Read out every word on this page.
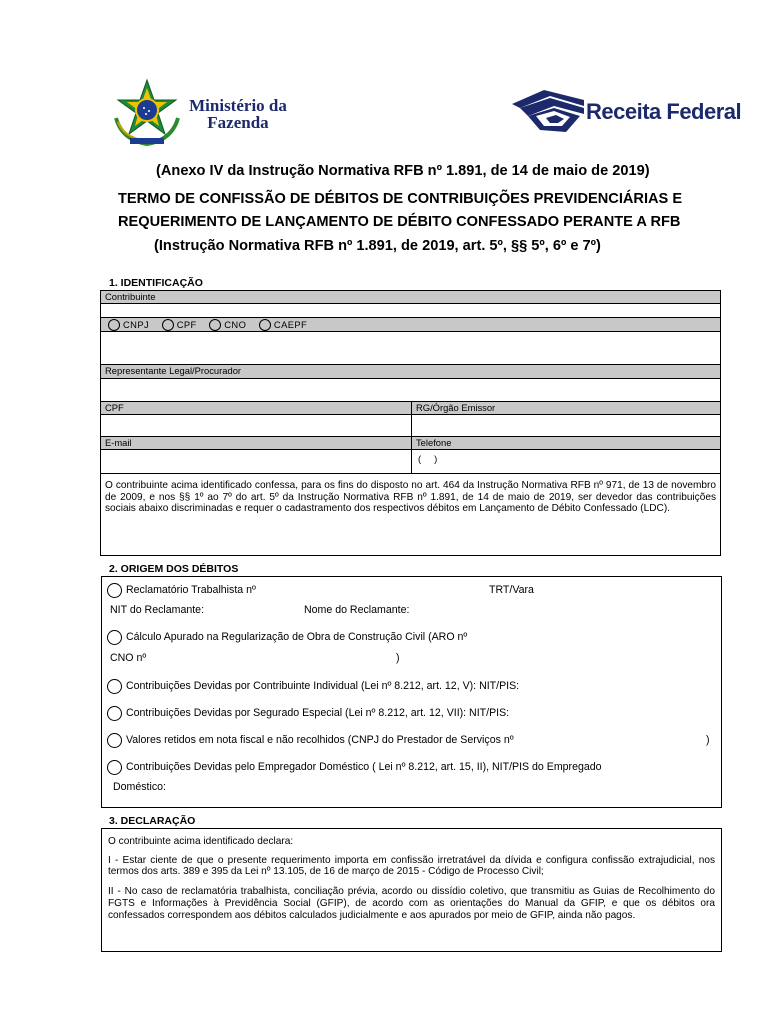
Ministério da
Fazenda	Receita Federal
(Anexo IV da Instrução Normativa RFB nº 1.891, de 14 de maio de 2019)
TERMO DE CONFISSÃO DE DÉBITOS DE CONTRIBUIÇÕES PREVIDENCIÁRIAS E
REQUERIMENTO DE LANÇAMENTO DE DÉBITO CONFESSADO PERANTE A RFB
(Instrução Normativa RFB nº 1.891, de 2019, art. 5º, §§ 5º, 6º e 7º)
1. IDENTIFICAÇÃO
Contribuinte
CNPJ	CPF	CNO	CAEPF
Representante Legal/Procurador
CPF	RG/Órgão Emissor
E-mail	Telefone
(     )
O contribuinte acima identificado confessa, para os fins do disposto no art. 464 da Instrução Normativa RFB nº 971, de 13 de novembro de 2009, e nos §§ 1º ao 7º do art. 5º da Instrução Normativa RFB nº 1.891, de 14 de maio de 2019, ser devedor das contribuições sociais abaixo discriminadas e requer o cadastramento dos respectivos débitos em Lançamento de Débito Confessado (LDC).
2. ORIGEM DOS DÉBITOS
Reclamatório Trabalhista nº	TRT/Vara
NIT do Reclamante:	Nome do Reclamante:
Cálculo Apurado na Regularização de Obra de Construção Civil (ARO nº
CNO nº	)
Contribuições Devidas por Contribuinte Individual (Lei nº 8.212, art. 12, V): NIT/PIS:
Contribuições Devidas por Segurado Especial (Lei nº 8.212, art. 12, VII): NIT/PIS:
Valores retidos em nota fiscal e não recolhidos (CNPJ do Prestador de Serviços nº	)
Contribuições Devidas pelo Empregador Doméstico ( Lei nº 8.212, art. 15, II), NIT/PIS do Empregado
Doméstico:
3. DECLARAÇÃO
O contribuinte acima identificado declara:
I - Estar ciente de que o presente requerimento importa em confissão irretratável da dívida e configura confissão extrajudicial, nos termos dos arts. 389 e 395 da Lei nº 13.105, de 16 de março de 2015 - Código de Processo Civil;
II - No caso de reclamatória trabalhista, conciliação prévia, acordo ou dissídio coletivo, que transmitiu as Guias de Recolhimento do FGTS e Informações à Previdência Social (GFIP), de acordo com as orientações do Manual da GFIP, e que os débitos ora confessados correspondem aos débitos calculados judicialmente e aos apurados por meio de GFIP, ainda não pagos.
